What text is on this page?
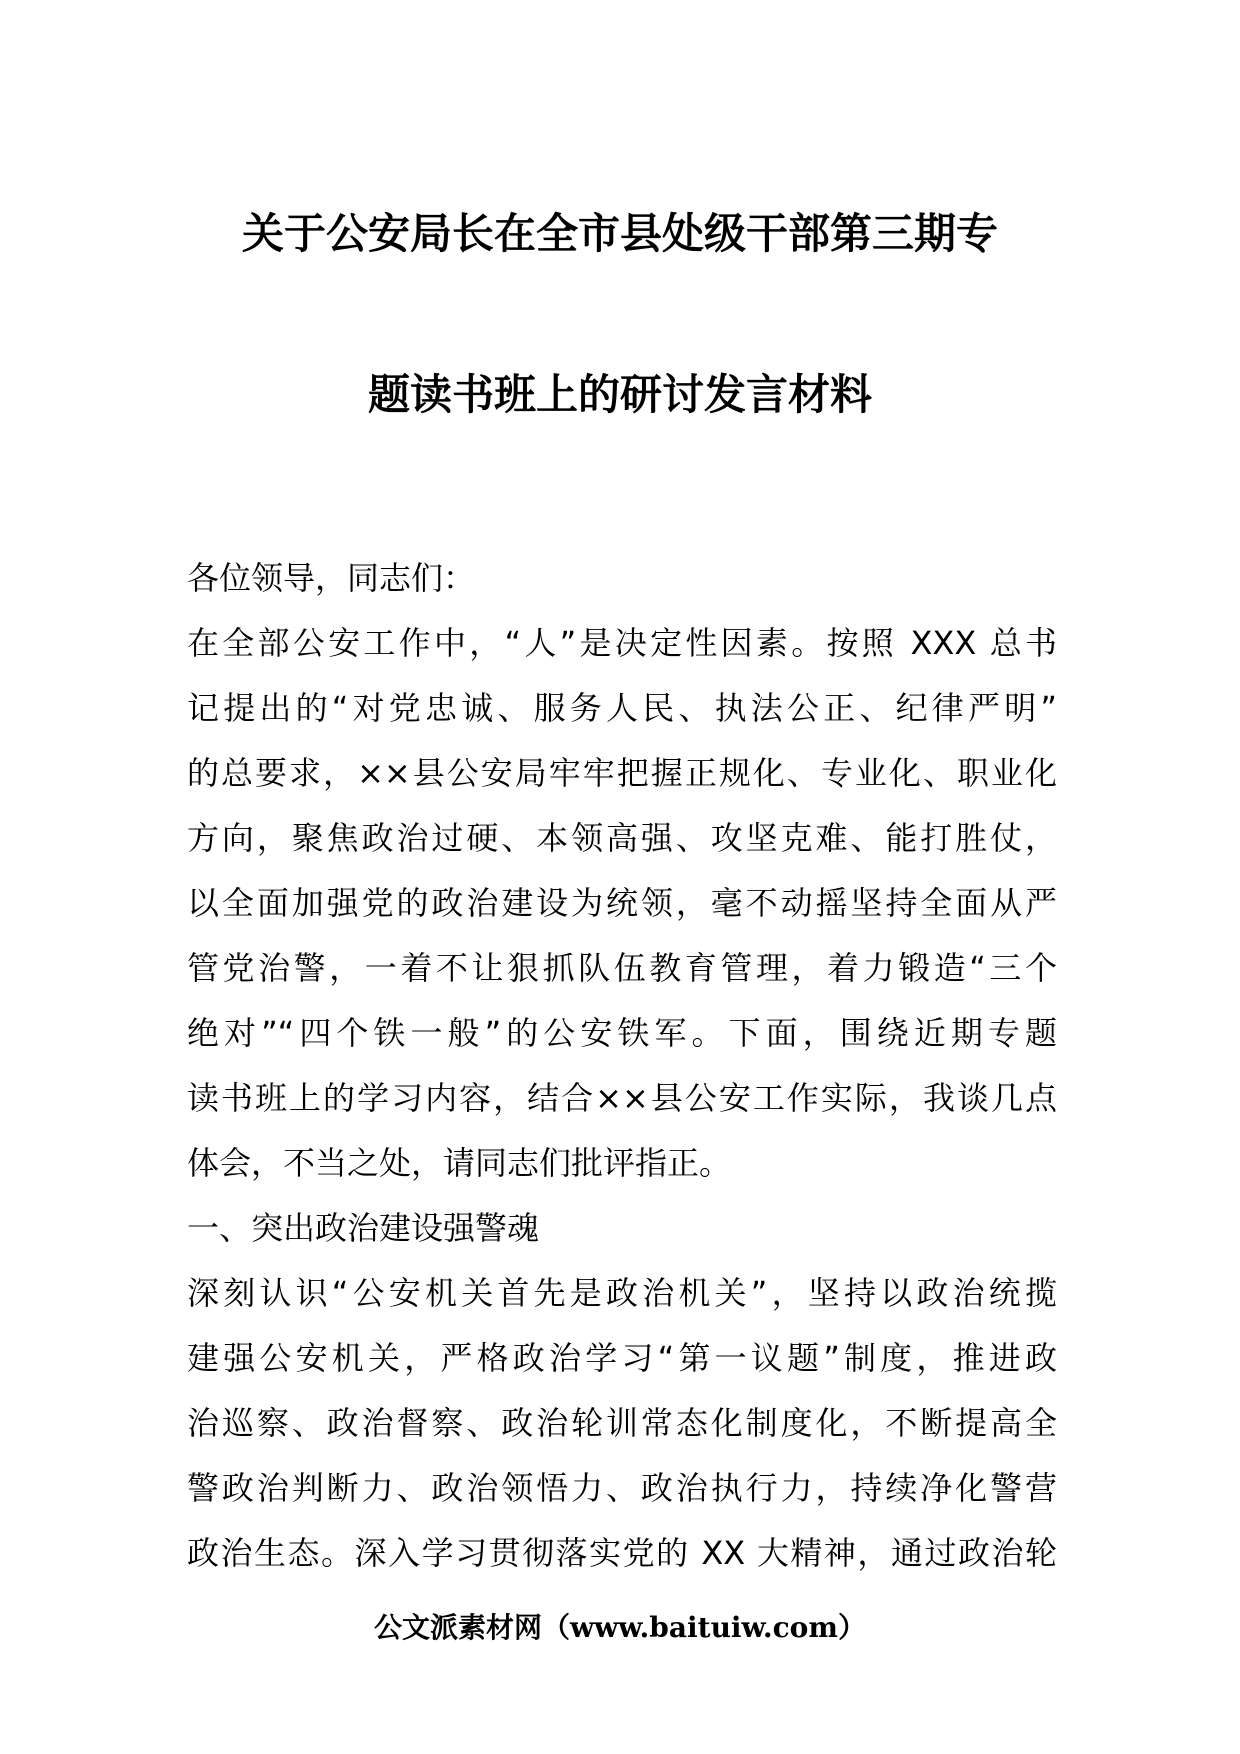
关于公安局长在全市县处级干部第三期专
题读书班上的研讨发言材料
各位领导，同志们：
在全部公安工作中，“人”是决定性因素。按照 XXX 总书
记提出的“对党忠诚、服务人民、执法公正、纪律严明”
的总要求，××县公安局牢牢把握正规化、专业化、职业化
方向，聚焦政治过硬、本领高强、攻坚克难、能打胜仗，
以全面加强党的政治建设为统领，毫不动摇坚持全面从严
管党治警，一着不让狠抓队伍教育管理，着力锻造“三个
绝对”“四个铁一般”的公安铁军。下面，围绕近期专题
读书班上的学习内容，结合××县公安工作实际，我谈几点
体会，不当之处，请同志们批评指正。
一、突出政治建设强警魂
深刻认识“公安机关首先是政治机关”，坚持以政治统揽
建强公安机关，严格政治学习“第一议题”制度，推进政
治巡察、政治督察、政治轮训常态化制度化，不断提高全
警政治判断力、政治领悟力、政治执行力，持续净化警营
政治生态。深入学习贯彻落实党的 XX 大精神，通过政治轮
公文派素材网（www.baituiw.com）
